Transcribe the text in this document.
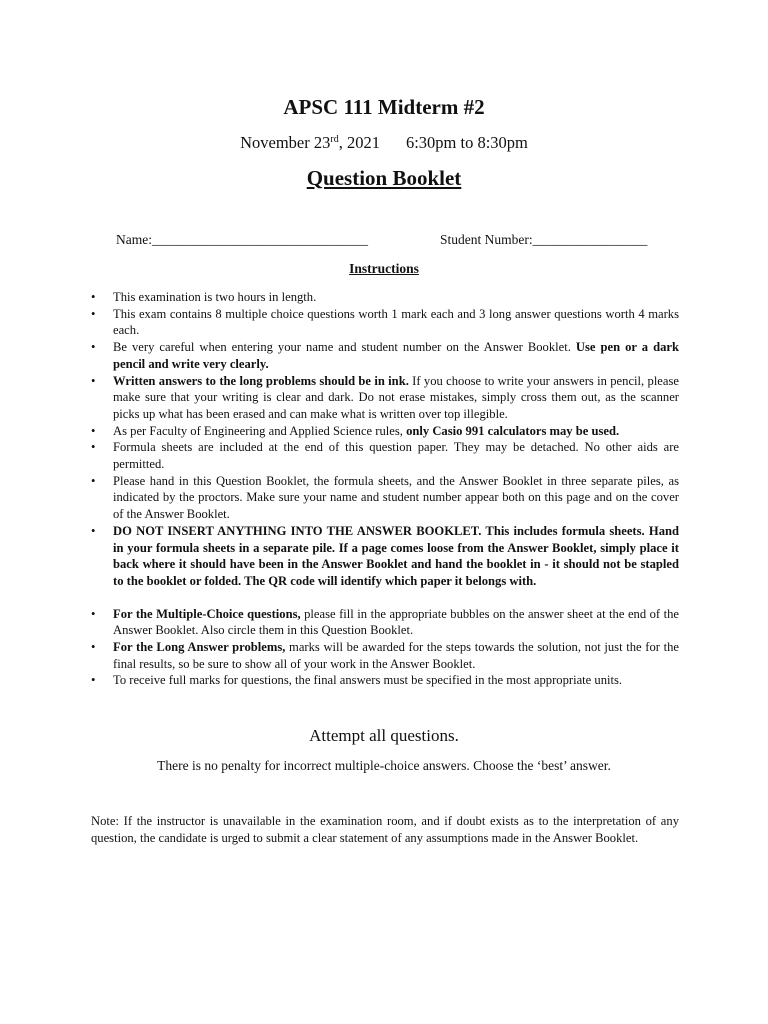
APSC 111 Midterm #2
November 23rd, 2021 6:30pm to 8:30pm
Question Booklet
Name:________________________________	Student Number:_________________
Instructions
• This examination is two hours in length.
• This exam contains 8 multiple choice questions worth 1 mark each and 3 long answer questions worth 4 marks each.
• Be very careful when entering your name and student number on the Answer Booklet. Use pen or a dark pencil and write very clearly.
• Written answers to the long problems should be in ink. If you choose to write your answers in pencil, please make sure that your writing is clear and dark. Do not erase mistakes, simply cross them out, as the scanner picks up what has been erased and can make what is written over top illegible.
• As per Faculty of Engineering and Applied Science rules, only Casio 991 calculators may be used.
• Formula sheets are included at the end of this question paper. They may be detached. No other aids are permitted.
• Please hand in this Question Booklet, the formula sheets, and the Answer Booklet in three separate piles, as indicated by the proctors. Make sure your name and student number appear both on this page and on the cover of the Answer Booklet.
• DO NOT INSERT ANYTHING INTO THE ANSWER BOOKLET. This includes formula sheets. Hand in your formula sheets in a separate pile. If a page comes loose from the Answer Booklet, simply place it back where it should have been in the Answer Booklet and hand the booklet in - it should not be stapled to the booklet or folded. The QR code will identify which paper it belongs with.
• For the Multiple-Choice questions, please fill in the appropriate bubbles on the answer sheet at the end of the Answer Booklet. Also circle them in this Question Booklet.
• For the Long Answer problems, marks will be awarded for the steps towards the solution, not just the for the final results, so be sure to show all of your work in the Answer Booklet.
• To receive full marks for questions, the final answers must be specified in the most appropriate units.
Attempt all questions.
There is no penalty for incorrect multiple-choice answers. Choose the ‘best’ answer.
Note: If the instructor is unavailable in the examination room, and if doubt exists as to the interpretation of any question, the candidate is urged to submit a clear statement of any assumptions made in the Answer Booklet.
